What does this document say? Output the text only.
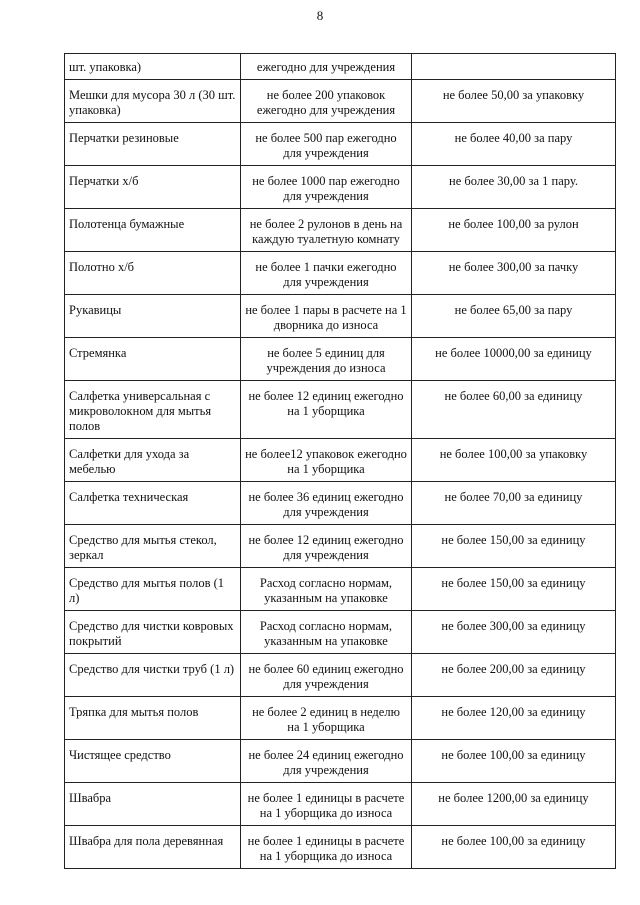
8
шт. упаковка)	ежегодно для учреждения	
Мешки для мусора 30 л (30 шт. упаковка)	не более 200 упаковок ежегодно для учреждения	не более 50,00 за упаковку
Перчатки резиновые	не более 500 пар ежегодно для учреждения	не более 40,00 за пару
Перчатки х/б	не более 1000 пар ежегодно для учреждения	не более 30,00 за 1 пару.
Полотенца бумажные	не более 2 рулонов в день на каждую туалетную комнату	не более 100,00 за рулон
Полотно х/б	не более 1 пачки ежегодно для учреждения	не более 300,00 за пачку
Рукавицы	не более 1 пары в расчете на 1 дворника до износа	не более 65,00 за пару
Стремянка	не более 5 единиц для учреждения до износа	не более 10000,00 за единицу
Салфетка универсальная с микроволокном для мытья полов	не более 12 единиц ежегодно на 1 уборщика	не более 60,00 за единицу
Салфетки для ухода за мебелью	не более12 упаковок ежегодно на 1 уборщика	не более 100,00 за упаковку
Салфетка техническая	не более 36 единиц ежегодно для учреждения	не более 70,00 за единицу
Средство для мытья стекол, зеркал	не более 12 единиц ежегодно для учреждения	не более 150,00 за единицу
Средство для мытья полов (1 л)	Расход согласно нормам, указанным на упаковке	не более 150,00 за единицу
Средство для чистки ковровых покрытий	Расход согласно нормам, указанным на упаковке	не более 300,00 за единицу
Средство для чистки труб (1 л)	не более 60 единиц ежегодно для учреждения	не более 200,00 за единицу
Тряпка для мытья полов	не более 2 единиц в неделю на 1 уборщика	не более 120,00 за единицу
Чистящее средство	не более 24 единиц ежегодно для учреждения	не более 100,00 за единицу
Швабра	не более 1 единицы в расчете на 1 уборщика до износа	не более 1200,00 за единицу
Швабра для пола деревянная	не более 1 единицы в расчете на 1 уборщика до износа	не более 100,00 за единицу
